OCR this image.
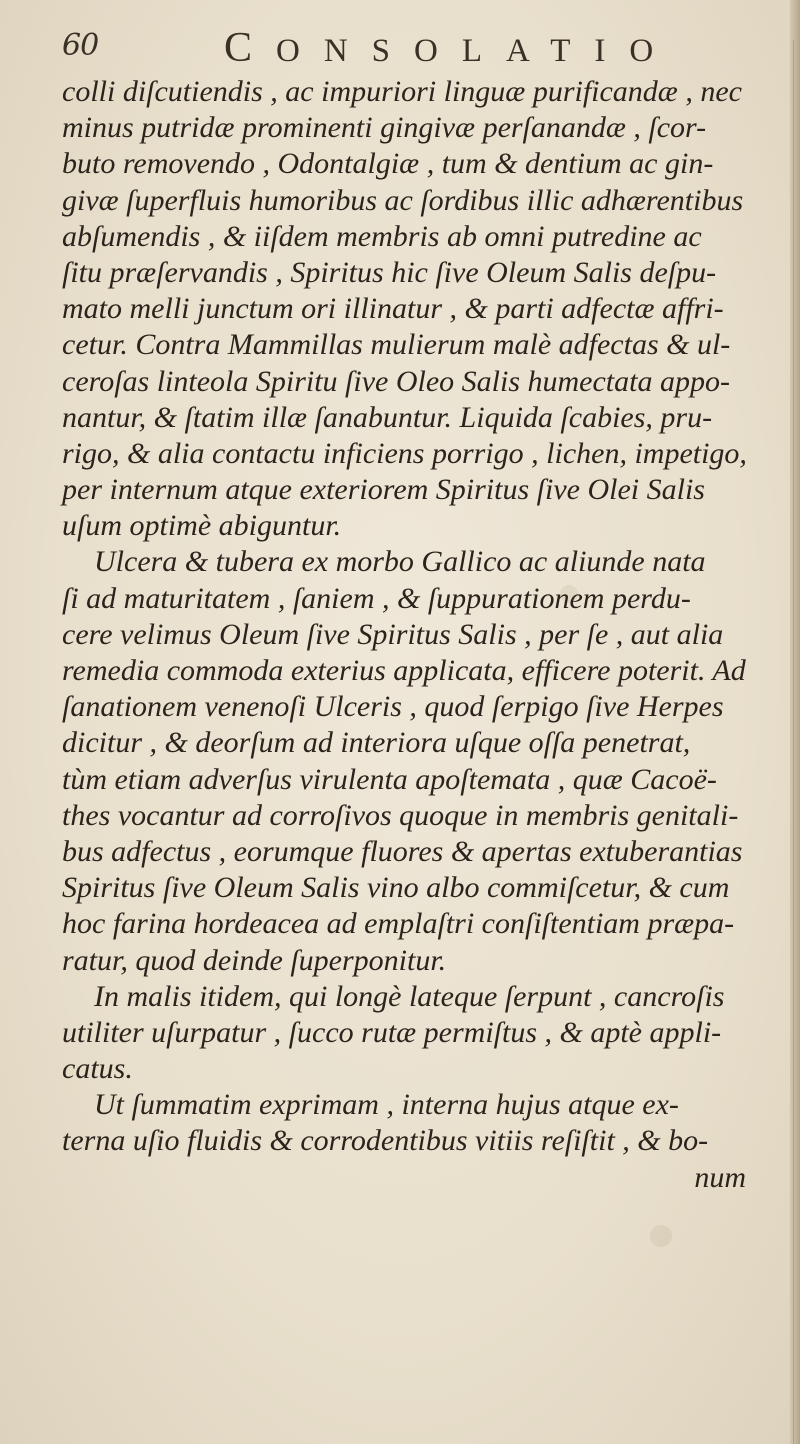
60	CONSOLATIO
colli diſcutiendis , ac impuriori linguæ purificandæ , nec
minus putridæ prominenti gingivæ perſanandæ , ſcor-
buto removendo , Odontalgiæ , tum & dentium ac gin-
givæ ſuperfluis humoribus ac ſordibus illic adhærentibus
abſumendis , & iiſdem membris ab omni putredine ac
ſitu præſervandis , Spiritus hic ſive Oleum Salis deſpu-
mato melli junctum ori illinatur , & parti adfectæ affri-
cetur. Contra Mammillas mulierum malè adfectas & ul-
ceroſas linteola Spiritu ſive Oleo Salis humectata appo-
nantur, & ſtatim illæ ſanabuntur. Liquida ſcabies, pru-
rigo, & alia contactu inficiens porrigo , lichen, impetigo,
per internum atque exteriorem Spiritus ſive Olei Salis
uſum optimè abiguntur.
Ulcera & tubera ex morbo Gallico ac aliunde nata
ſi ad maturitatem , ſaniem , & ſuppurationem perdu-
cere velimus Oleum ſive Spiritus Salis , per ſe , aut alia
remedia commoda exterius applicata, efficere poterit. Ad
ſanationem venenoſi Ulceris , quod ſerpigo ſive Herpes
dicitur , & deorſum ad interiora uſque oſſa penetrat,
tùm etiam adverſus virulenta apoſtemata , quæ Cacoë-
thes vocantur ad corroſivos quoque in membris genitali-
bus adfectus , eorumque fluores & apertas extuberantias
Spiritus ſive Oleum Salis vino albo commiſcetur, & cum
hoc farina hordeacea ad emplaſtri conſiſtentiam præpa-
ratur, quod deinde ſuperponitur.
In malis itidem, qui longè lateque ſerpunt , cancroſis
utiliter uſurpatur , ſucco rutæ permiſtus , & aptè appli-
catus.
Ut ſummatim exprimam , interna hujus atque ex-
terna uſio fluidis & corrodentibus vitiis reſiſtit , & bo-
num
